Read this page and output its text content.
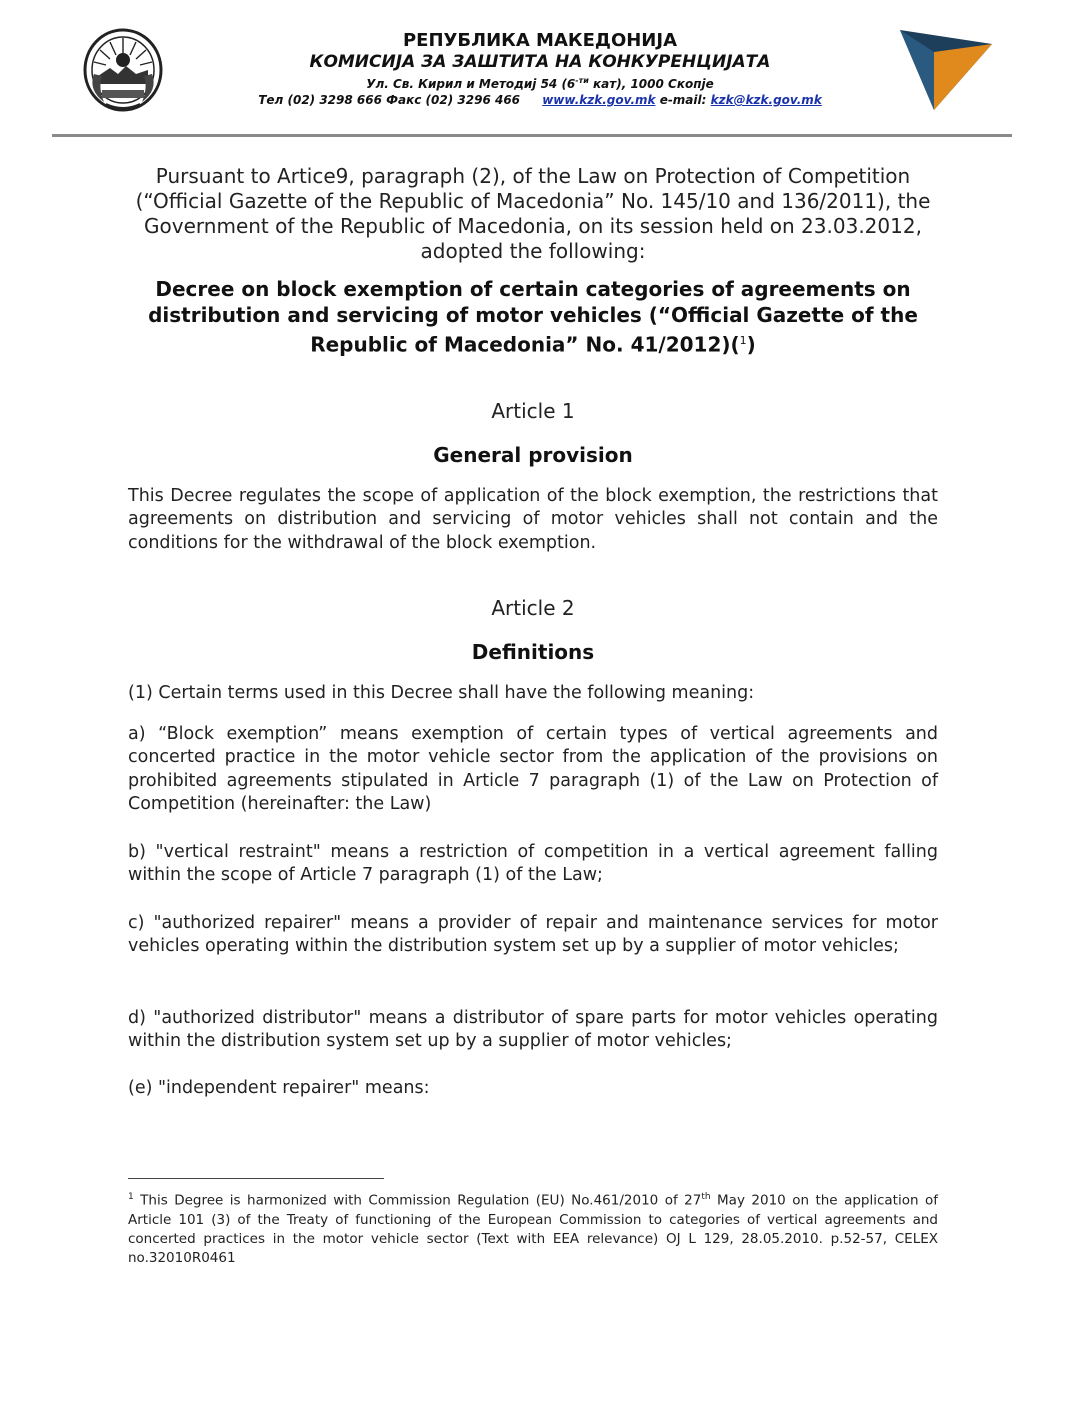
РЕПУБЛИКА МАКЕДОНИЈА
КОМИСИЈА ЗА ЗАШТИТА НА КОНКУРЕНЦИЈАТА
Ул. Св. Кирил и Методиј 54 ($6^{-ти}$ кат), 1000 Скопје
Тел (02) 3298 666 Факс (02) 3296 466 www.kzk.gov.mk e-mail: kzk@kzk.gov.mk
Pursuant to Artice9, paragraph (2), of the Law on Protection of Competition (“Official Gazette of the Republic of Macedonia” No. 145/10 and 136/2011), the Government of the Republic of Macedonia, on its session held on 23.03.2012, adopted the following:
Decree on block exemption of certain categories of agreements on distribution and servicing of motor vehicles (“Official Gazette of the Republic of Macedonia” No. 41/2012)($^1$)
Article 1
General provision
This Decree regulates the scope of application of the block exemption, the restrictions that agreements on distribution and servicing of motor vehicles shall not contain and the conditions for the withdrawal of the block exemption.
Article 2
Definitions
(1) Certain terms used in this Decree shall have the following meaning:
a) “Block exemption” means exemption of certain types of vertical agreements and concerted practice in the motor vehicle sector from the application of the provisions on prohibited agreements stipulated in Article 7 paragraph (1) of the Law on Protection of Competition (hereinafter: the Law)
b) "vertical restraint" means a restriction of competition in a vertical agreement falling within the scope of Article 7 paragraph (1) of the Law;
c) "authorized repairer" means a provider of repair and maintenance services for motor vehicles operating within the distribution system set up by a supplier of motor vehicles;
d) "authorized distributor" means a distributor of spare parts for motor vehicles operating within the distribution system set up by a supplier of motor vehicles;
(e) "independent repairer" means:
$^1$ This Degree is harmonized with Commission Regulation (EU) No.461/2010 of 27th May 2010 on the application of Article 101 (3) of the Treaty of functioning of the European Commission to categories of vertical agreements and concerted practices in the motor vehicle sector (Text with EEA relevance) OJ L 129, 28.05.2010. p.52-57, CELEX no.32010R0461
